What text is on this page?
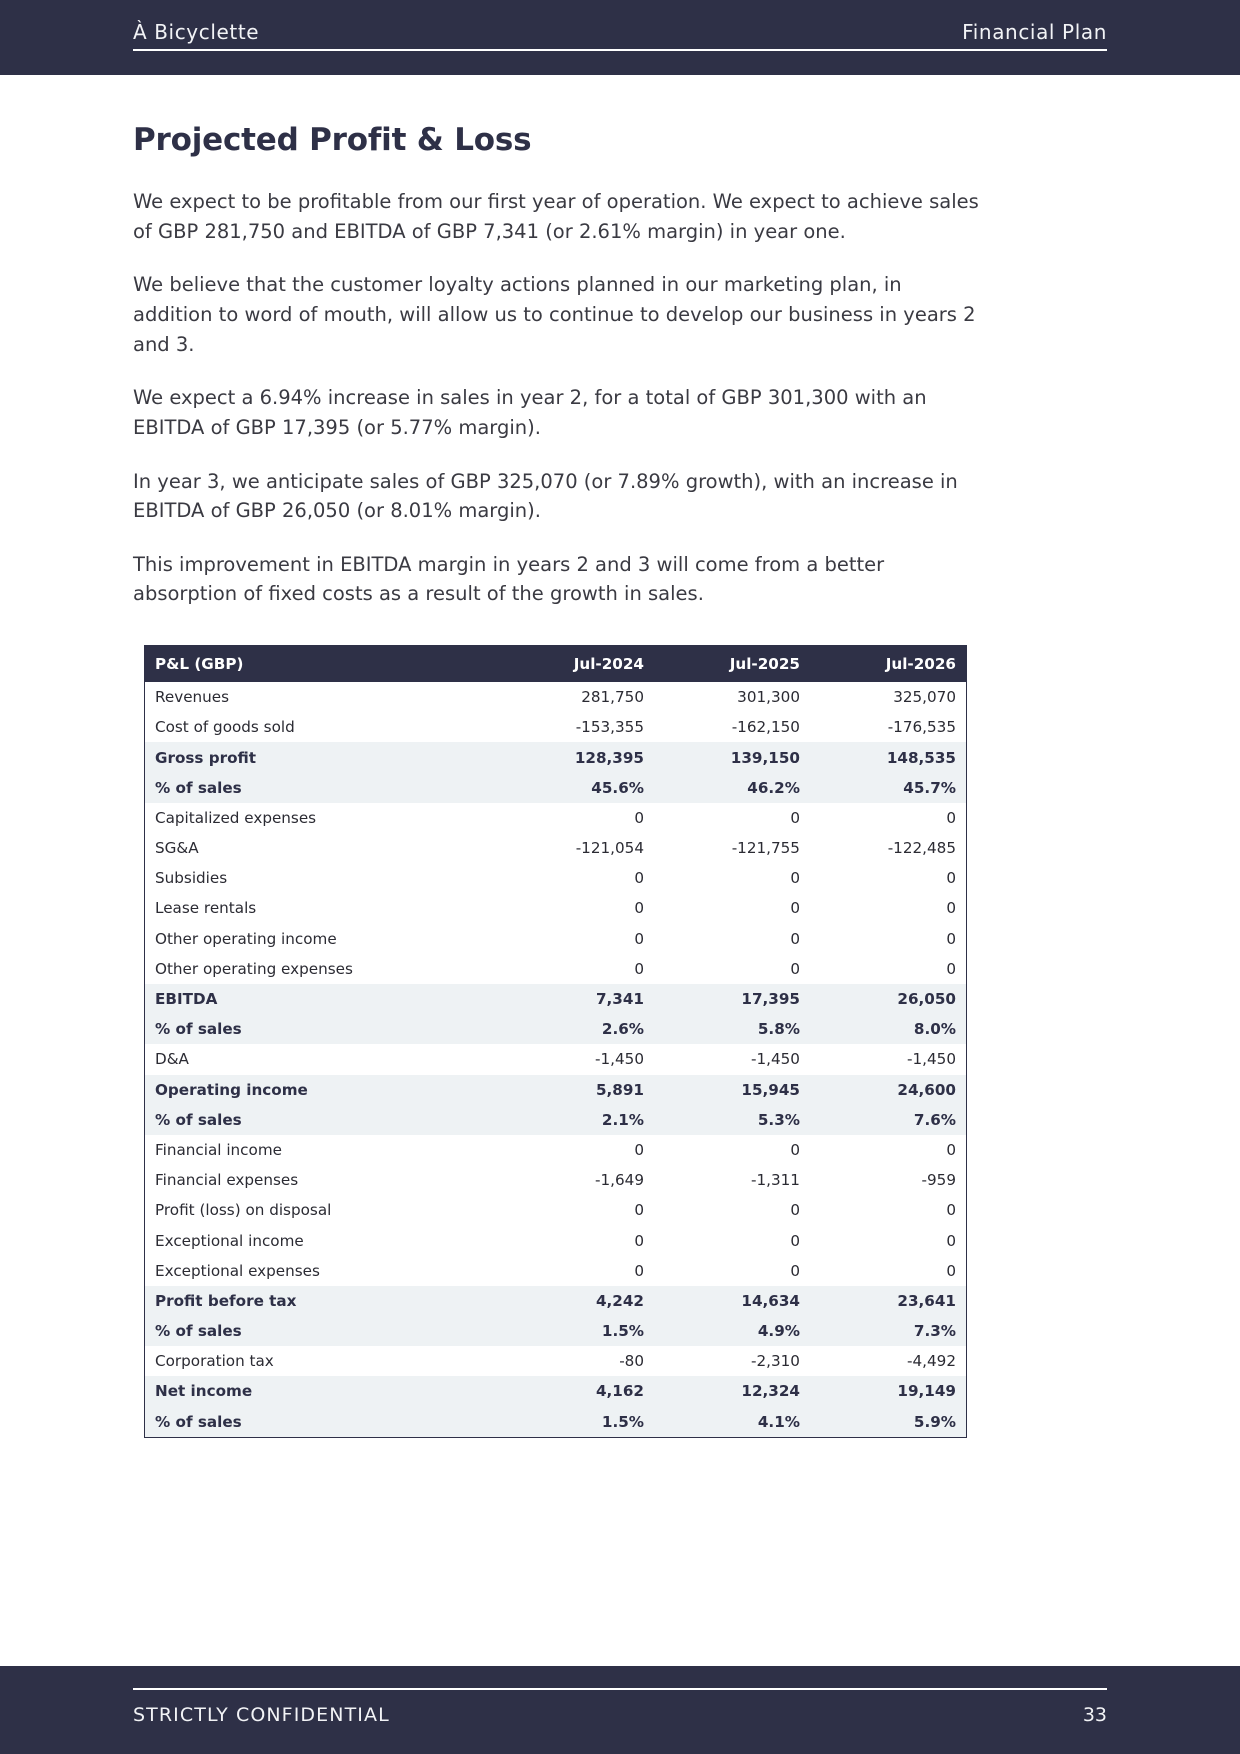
À Bicyclette	Financial Plan
Projected Profit & Loss

We expect to be profitable from our first year of operation. We expect to achieve sales of GBP 281,750 and EBITDA of GBP 7,341 (or 2.61% margin) in year one.

We believe that the customer loyalty actions planned in our marketing plan, in addition to word of mouth, will allow us to continue to develop our business in years 2 and 3.

We expect a 6.94% increase in sales in year 2, for a total of GBP 301,300 with an EBITDA of GBP 17,395 (or 5.77% margin).

In year 3, we anticipate sales of GBP 325,070 (or 7.89% growth), with an increase in EBITDA of GBP 26,050 (or 8.01% margin).

This improvement in EBITDA margin in years 2 and 3 will come from a better absorption of fixed costs as a result of the growth in sales.

P&L (GBP)	Jul-2024	Jul-2025	Jul-2026
Revenues	281,750	301,300	325,070
Cost of goods sold	-153,355	-162,150	-176,535
Gross profit	128,395	139,150	148,535
% of sales	45.6%	46.2%	45.7%
Capitalized expenses	0	0	0
SG&A	-121,054	-121,755	-122,485
Subsidies	0	0	0
Lease rentals	0	0	0
Other operating income	0	0	0
Other operating expenses	0	0	0
EBITDA	7,341	17,395	26,050
% of sales	2.6%	5.8%	8.0%
D&A	-1,450	-1,450	-1,450
Operating income	5,891	15,945	24,600
% of sales	2.1%	5.3%	7.6%
Financial income	0	0	0
Financial expenses	-1,649	-1,311	-959
Profit (loss) on disposal	0	0	0
Exceptional income	0	0	0
Exceptional expenses	0	0	0
Profit before tax	4,242	14,634	23,641
% of sales	1.5%	4.9%	7.3%
Corporation tax	-80	-2,310	-4,492
Net income	4,162	12,324	19,149
% of sales	1.5%	4.1%	5.9%
STRICTLY CONFIDENTIAL	33
